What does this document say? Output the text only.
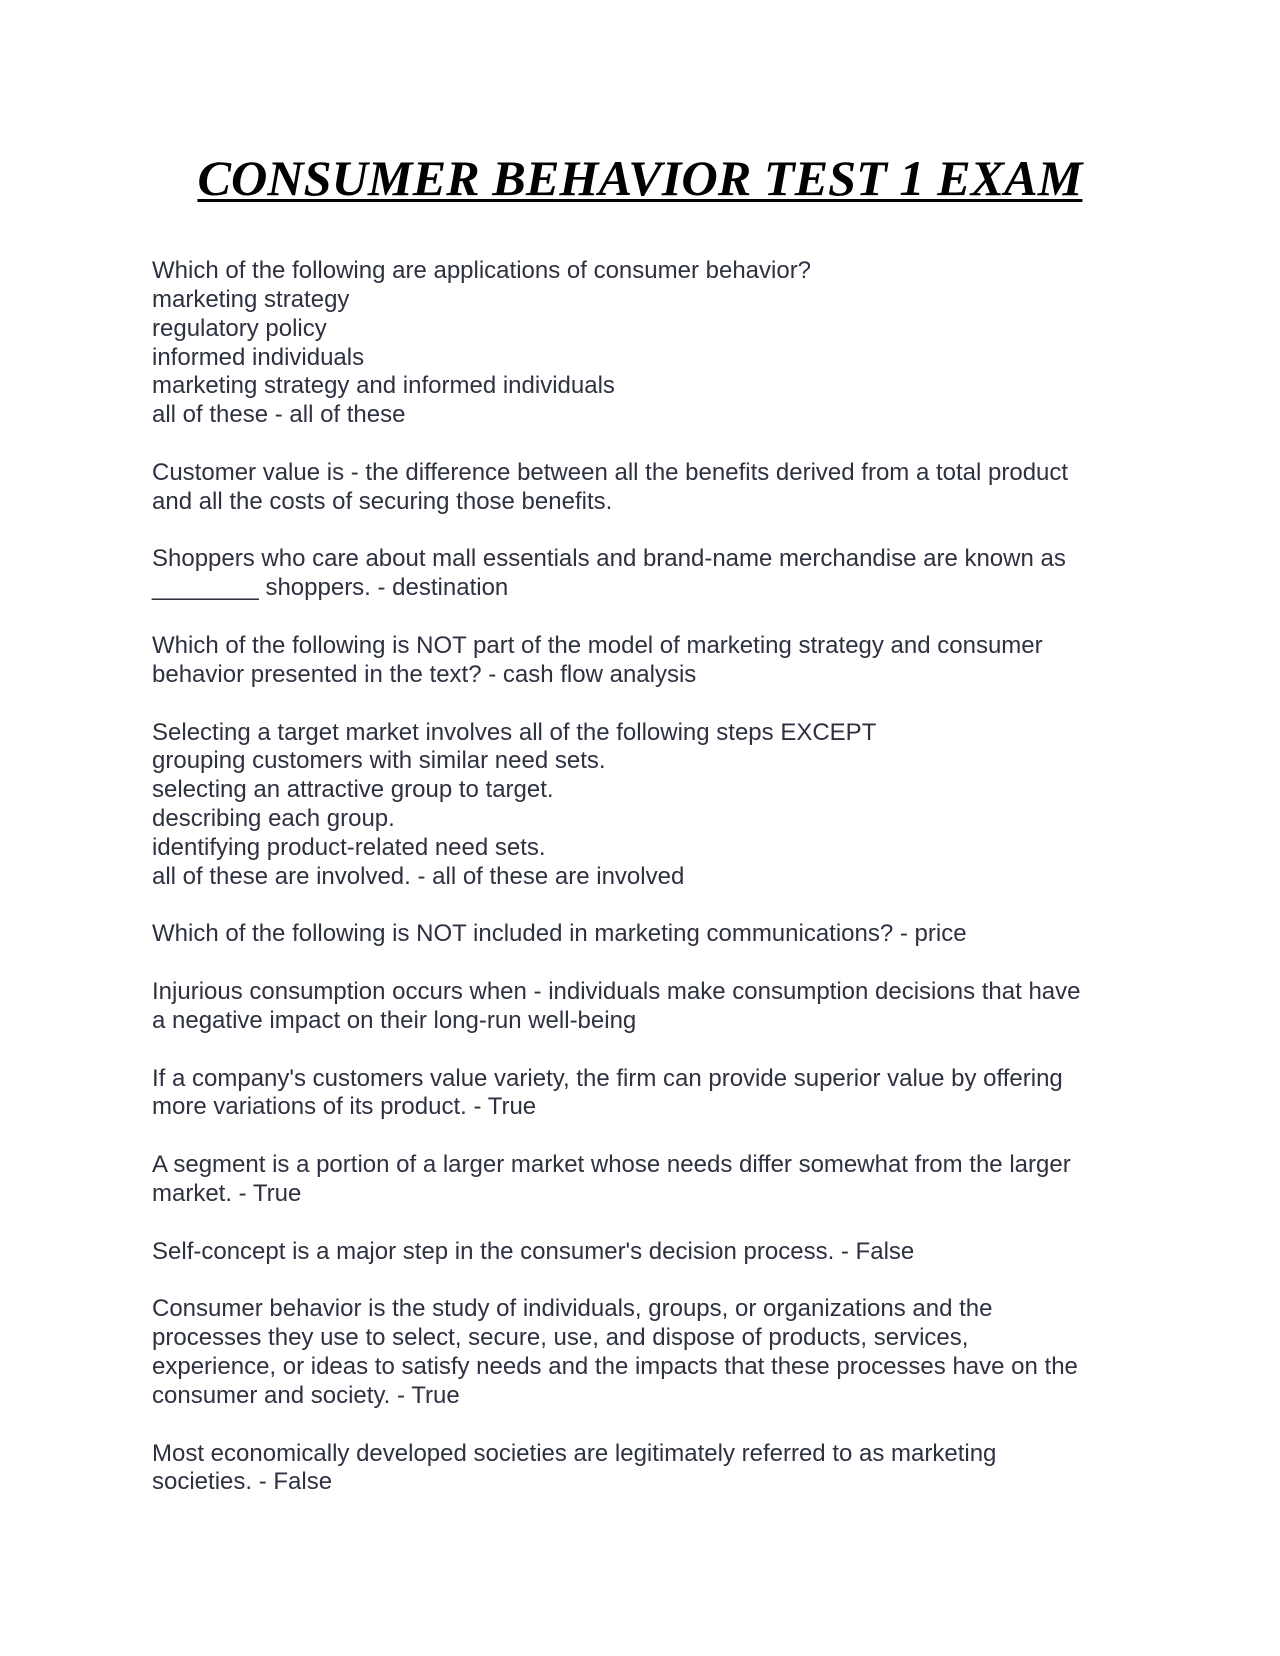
CONSUMER BEHAVIOR TEST 1 EXAM
Which of the following are applications of consumer behavior?
marketing strategy
regulatory policy
informed individuals
marketing strategy and informed individuals
all of these - all of these
Customer value is - the difference between all the benefits derived from a total product
and all the costs of securing those benefits.
Shoppers who care about mall essentials and brand-name merchandise are known as
________ shoppers. - destination
Which of the following is NOT part of the model of marketing strategy and consumer
behavior presented in the text? - cash flow analysis
Selecting a target market involves all of the following steps EXCEPT
grouping customers with similar need sets.
selecting an attractive group to target.
describing each group.
identifying product-related need sets.
all of these are involved. - all of these are involved
Which of the following is NOT included in marketing communications? - price
Injurious consumption occurs when - individuals make consumption decisions that have
a negative impact on their long-run well-being
If a company's customers value variety, the firm can provide superior value by offering
more variations of its product. - True
A segment is a portion of a larger market whose needs differ somewhat from the larger
market. - True
Self-concept is a major step in the consumer's decision process. - False
Consumer behavior is the study of individuals, groups, or organizations and the
processes they use to select, secure, use, and dispose of products, services,
experience, or ideas to satisfy needs and the impacts that these processes have on the
consumer and society. - True
Most economically developed societies are legitimately referred to as marketing
societies. - False
